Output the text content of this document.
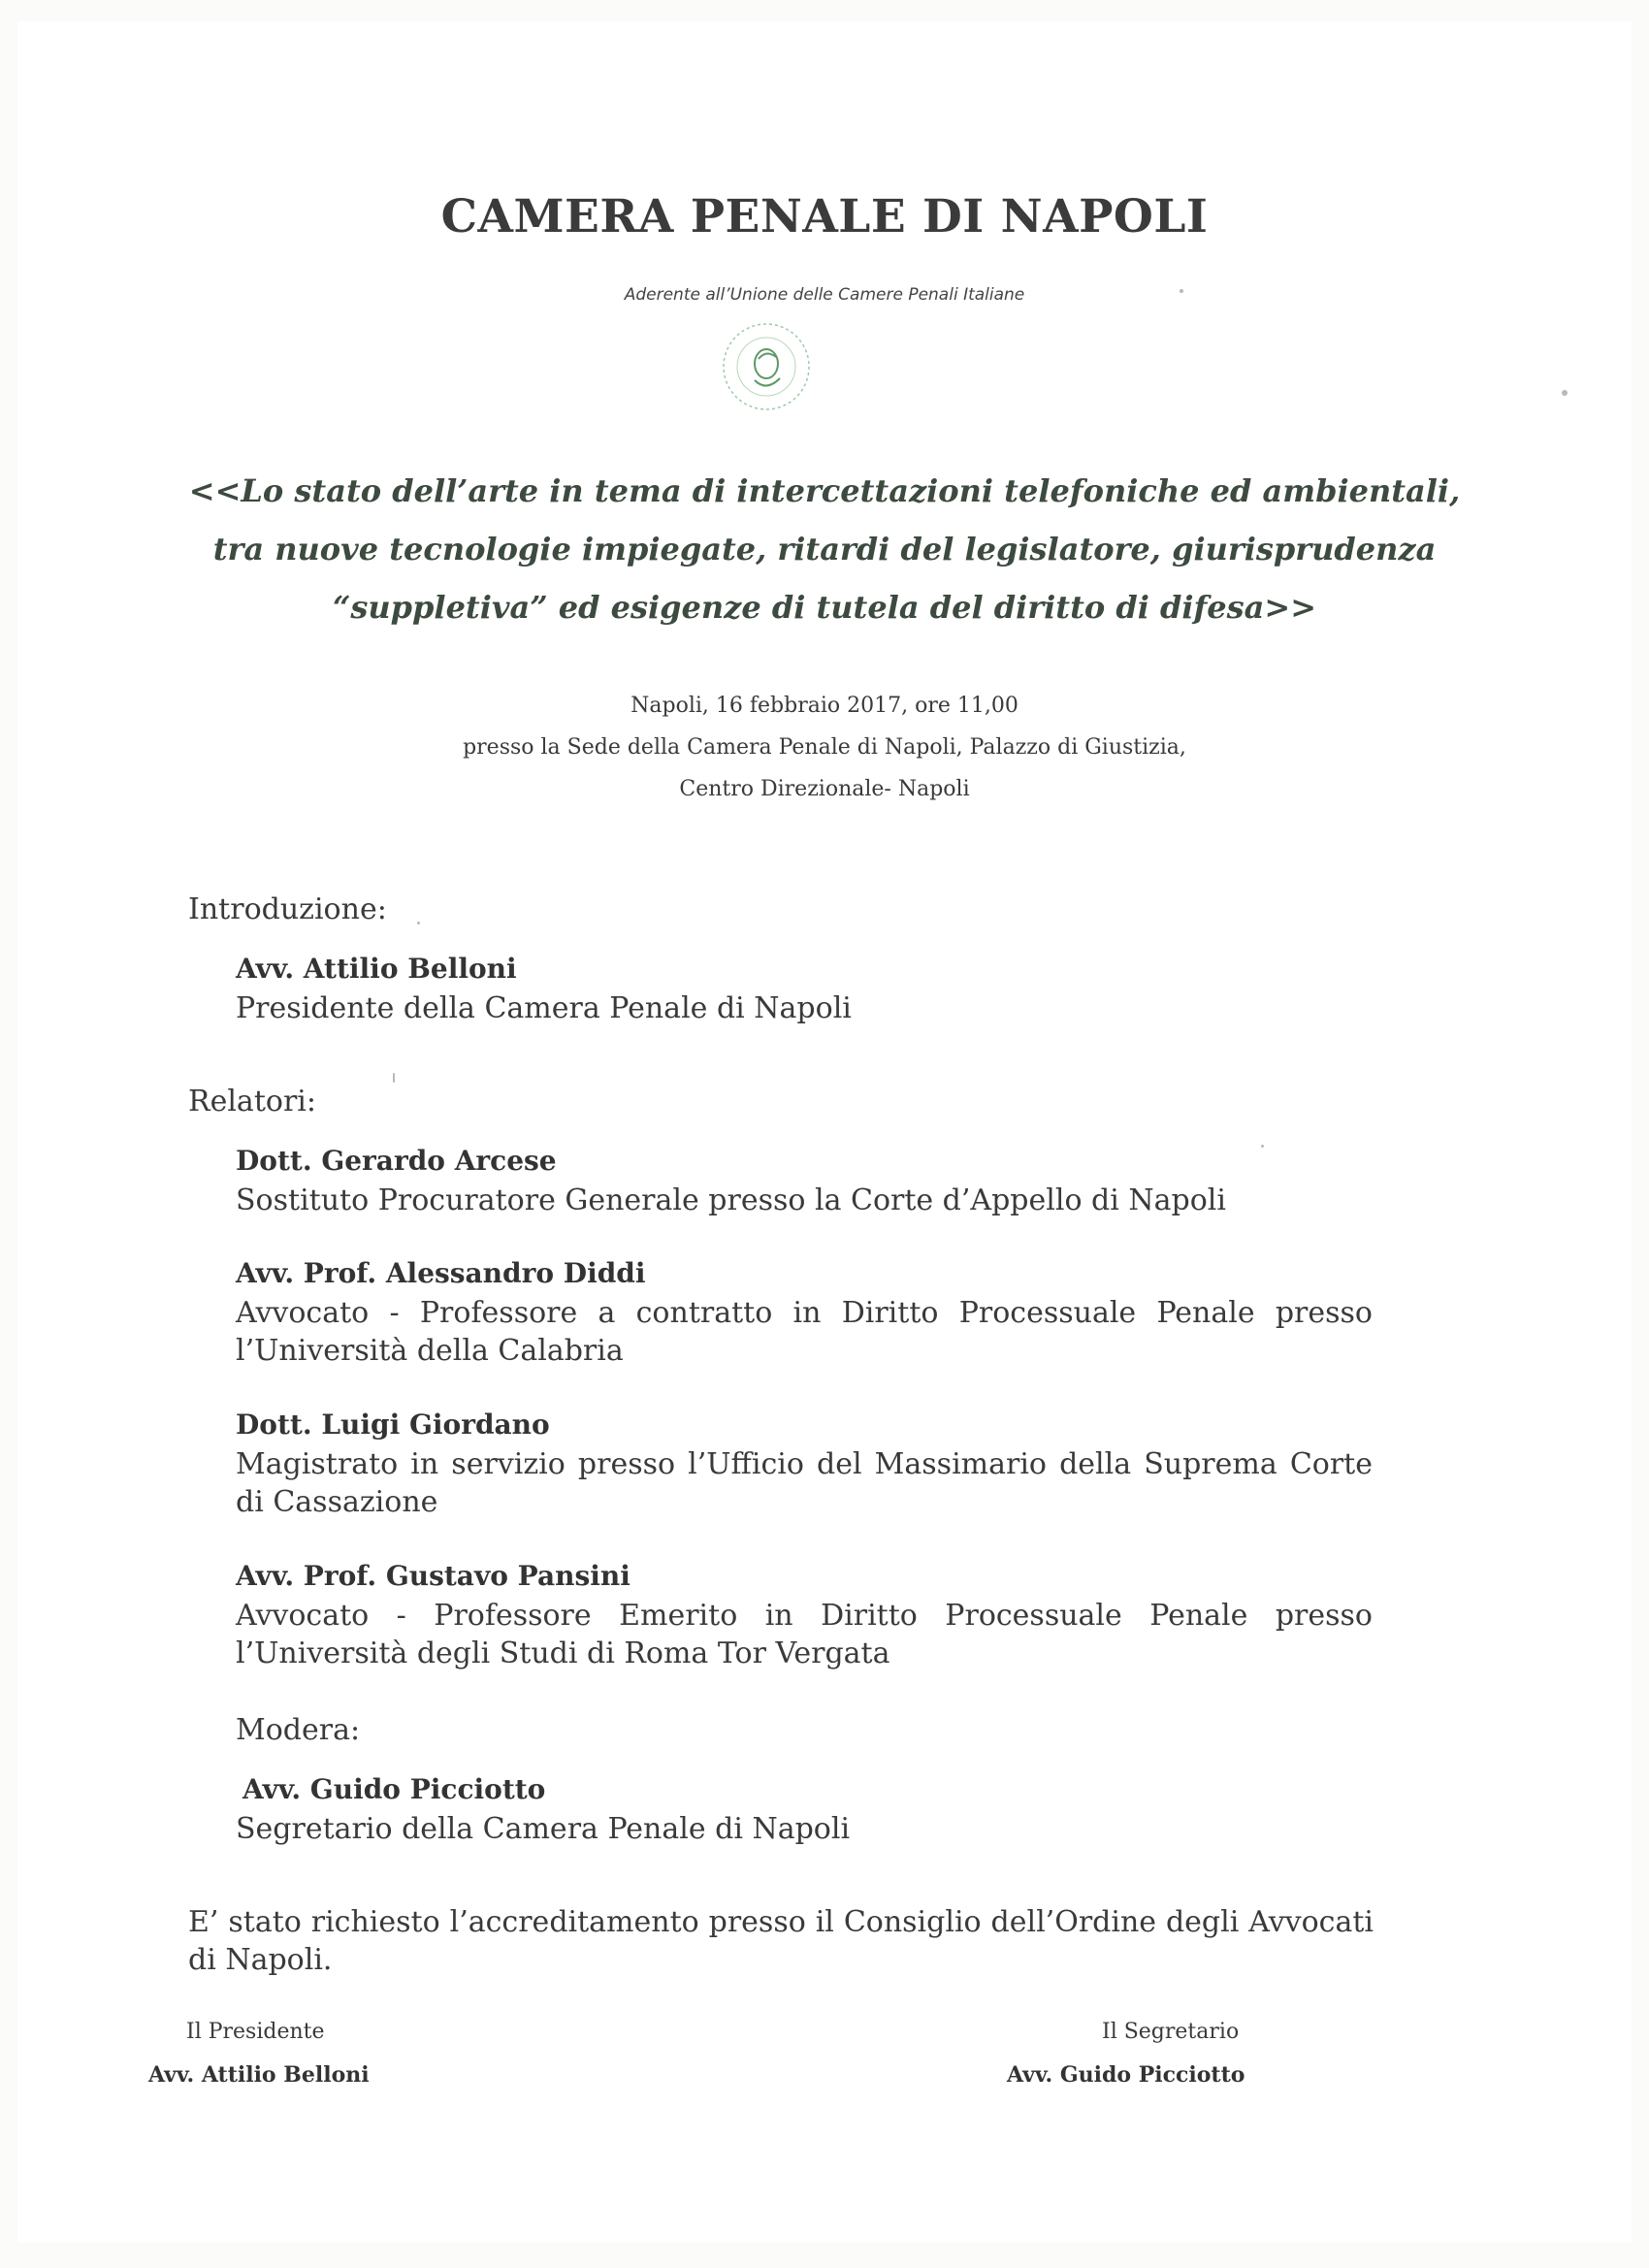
CAMERA PENALE DI NAPOLI
Aderente all’Unione delle Camere Penali Italiane
<<Lo stato dell’arte in tema di intercettazioni telefoniche ed ambientali,
tra nuove tecnologie impiegate, ritardi del legislatore, giurisprudenza
“suppletiva” ed esigenze di tutela del diritto di difesa>>
Napoli, 16 febbraio 2017, ore 11,00
presso la Sede della Camera Penale di Napoli, Palazzo di Giustizia,
Centro Direzionale- Napoli
Introduzione:
Avv. Attilio Belloni
Presidente della Camera Penale di Napoli
Relatori:
Dott. Gerardo Arcese
Sostituto Procuratore Generale presso la Corte d’Appello di Napoli
Avv. Prof. Alessandro Diddi
Avvocato - Professore a contratto in Diritto Processuale Penale presso l’Università della Calabria
Dott. Luigi Giordano
Magistrato in servizio presso l’Ufficio del Massimario della Suprema Corte di Cassazione
Avv. Prof. Gustavo Pansini
Avvocato - Professore Emerito in Diritto Processuale Penale presso l’Università degli Studi di Roma Tor Vergata
Modera:
Avv. Guido Picciotto
Segretario della Camera Penale di Napoli
E’ stato richiesto l’accreditamento presso il Consiglio dell’Ordine degli Avvocati di Napoli.
Il Presidente
Avv. Attilio Belloni
Il Segretario
Avv. Guido Picciotto
